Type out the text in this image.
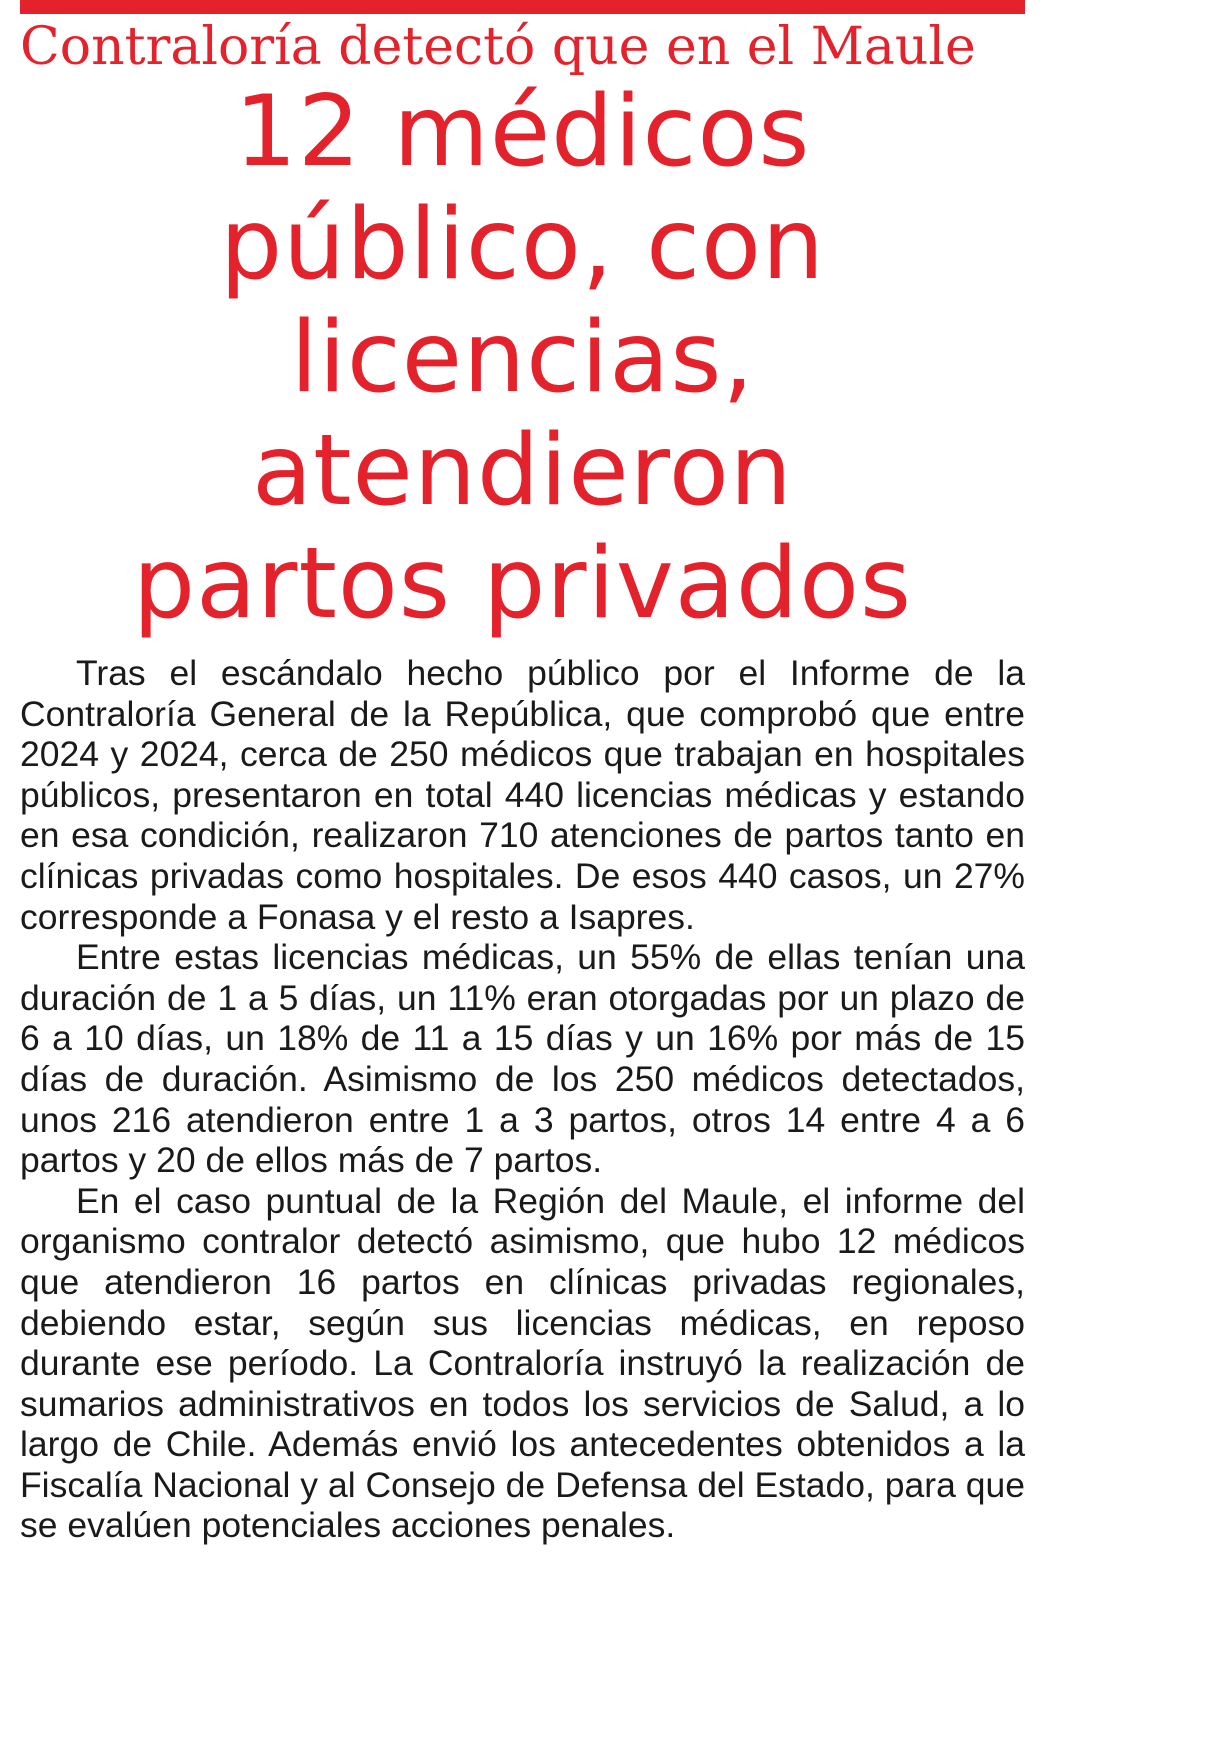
Contraloría detectó que en el Maule
12 médicos
público, con
licencias,
atendieron
partos privados

Tras el escándalo hecho público por el Informe de la Contraloría General de la República, que comprobó que entre 2024 y 2024, cerca de 250 médicos que trabajan en hospitales públicos, presentaron en total 440 licencias médicas y estando en esa condición, realizaron 710 atenciones de partos tanto en clínicas privadas como hospitales. De esos 440 casos, un 27% corresponde a Fonasa y el resto a Isapres.

Entre estas licencias médicas, un 55% de ellas tenían una duración de 1 a 5 días, un 11% eran otorgadas por un plazo de 6 a 10 días, un 18% de 11 a 15 días y un 16% por más de 15 días de duración. Asimismo de los 250 médicos detectados, unos 216 atendieron entre 1 a 3 partos, otros 14 entre 4 a 6 partos y 20 de ellos más de 7 partos.

En el caso puntual de la Región del Maule, el informe del organismo contralor detectó asimismo, que hubo 12 médicos que atendieron 16 partos en clínicas privadas regionales, debiendo estar, según sus licencias médicas, en reposo durante ese período. La Contraloría instruyó la realización de sumarios administrativos en todos los servicios de Salud, a lo largo de Chile. Además envió los antecedentes obtenidos a la Fiscalía Nacional y al Consejo de Defensa del Estado, para que se evalúen potenciales acciones penales.
